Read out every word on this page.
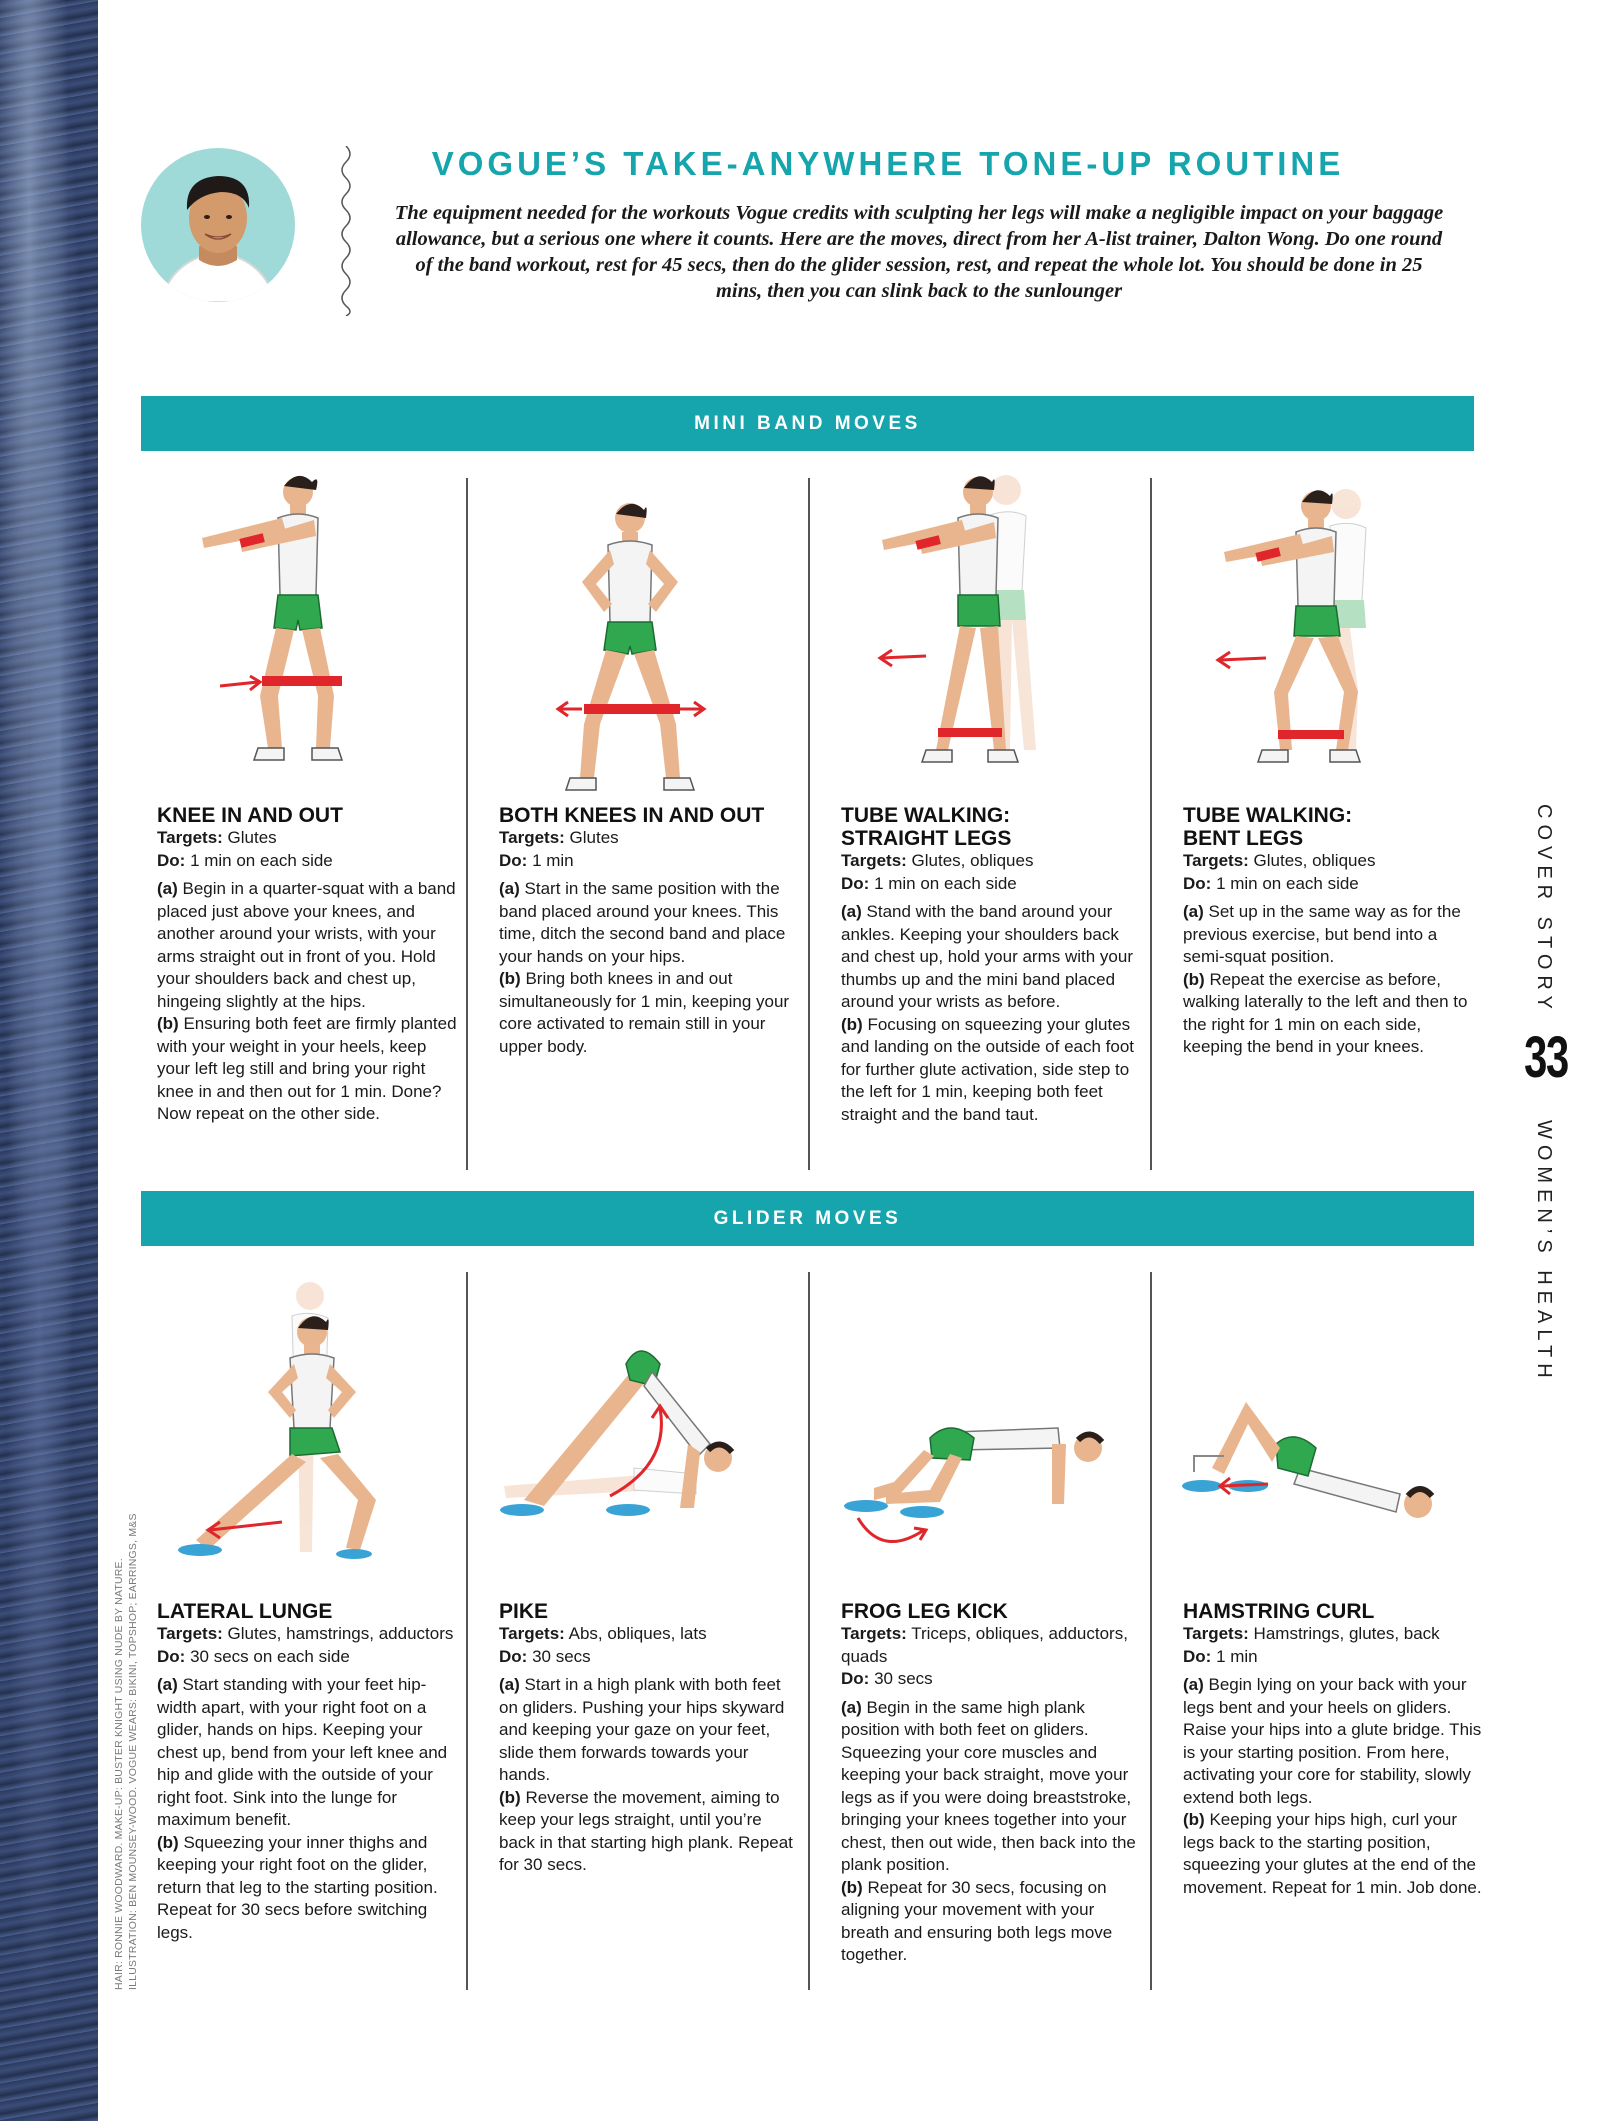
HAIR: RONNIE WOODWARD. MAKE-UP: BUSTER KNIGHT USING NUDE BY NATURE. ILLUSTRATION: BEN MOUNSEY-WOOD. VOGUE WEARS: BIKINI, TOPSHOP; EARRINGS, M&S
VOGUE’S TAKE-ANYWHERE TONE-UP ROUTINE

The equipment needed for the workouts Vogue credits with sculpting her legs will make a negligible impact on your baggage allowance, but a serious one where it counts. Here are the moves, direct from her A-list trainer, Dalton Wong. Do one round of the band workout, rest for 45 secs, then do the glider session, rest, and repeat the whole lot. You should be done in 25 mins, then you can slink back to the sunlounger

MINI BAND MOVES
KNEE IN AND OUT
Targets: Glutes
Do: 1 min on each side
(a) Begin in a quarter-squat with a band placed just above your knees, and another around your wrists, with your arms straight out in front of you. Hold your shoulders back and chest up, hingeing slightly at the hips.
(b) Ensuring both feet are firmly planted with your weight in your heels, keep your left leg still and bring your right knee in and then out for 1 min. Done? Now repeat on the other side.
BOTH KNEES IN AND OUT
Targets: Glutes
Do: 1 min
(a) Start in the same position with the band placed around your knees. This time, ditch the second band and place your hands on your hips.
(b) Bring both knees in and out simultaneously for 1 min, keeping your core activated to remain still in your upper body.
TUBE WALKING:
STRAIGHT LEGS
Targets: Glutes, obliques
Do: 1 min on each side
(a) Stand with the band around your ankles. Keeping your shoulders back and chest up, hold your arms with your thumbs up and the mini band placed around your wrists as before.
(b) Focusing on squeezing your glutes and landing on the outside of each foot for further glute activation, side step to the left for 1 min, keeping both feet straight and the band taut.
TUBE WALKING:
BENT LEGS
Targets: Glutes, obliques
Do: 1 min on each side
(a) Set up in the same way as for the previous exercise, but bend into a semi-squat position.
(b) Repeat the exercise as before, walking laterally to the left and then to the right for 1 min on each side, keeping the bend in your knees.
GLIDER MOVES
LATERAL LUNGE
Targets: Glutes, hamstrings, adductors
Do: 30 secs on each side
(a) Start standing with your feet hip-width apart, with your right foot on a glider, hands on hips. Keeping your chest up, bend from your left knee and hip and glide with the outside of your right foot. Sink into the lunge for maximum benefit.
(b) Squeezing your inner thighs and keeping your right foot on the glider, return that leg to the starting position. Repeat for 30 secs before switching legs.
PIKE
Targets: Abs, obliques, lats
Do: 30 secs
(a) Start in a high plank with both feet on gliders. Pushing your hips skyward and keeping your gaze on your feet, slide them forwards towards your hands.
(b) Reverse the movement, aiming to keep your legs straight, until you’re back in that starting high plank. Repeat for 30 secs.
FROG LEG KICK
Targets: Triceps, obliques, adductors, quads
Do: 30 secs
(a) Begin in the same high plank position with both feet on gliders. Squeezing your core muscles and keeping your back straight, move your legs as if you were doing breaststroke, bringing your knees together into your chest, then out wide, then back into the plank position.
(b) Repeat for 30 secs, focusing on aligning your movement with your breath and ensuring both legs move together.
HAMSTRING CURL
Targets: Hamstrings, glutes, back
Do: 1 min
(a) Begin lying on your back with your legs bent and your heels on gliders. Raise your hips into a glute bridge. This is your starting position. From here, activating your core for stability, slowly extend both legs.
(b) Keeping your hips high, curl your legs back to the starting position, squeezing your glutes at the end of the movement. Repeat for 1 min. Job done.
COVER STORY
33
WOMEN’S HEALTH
